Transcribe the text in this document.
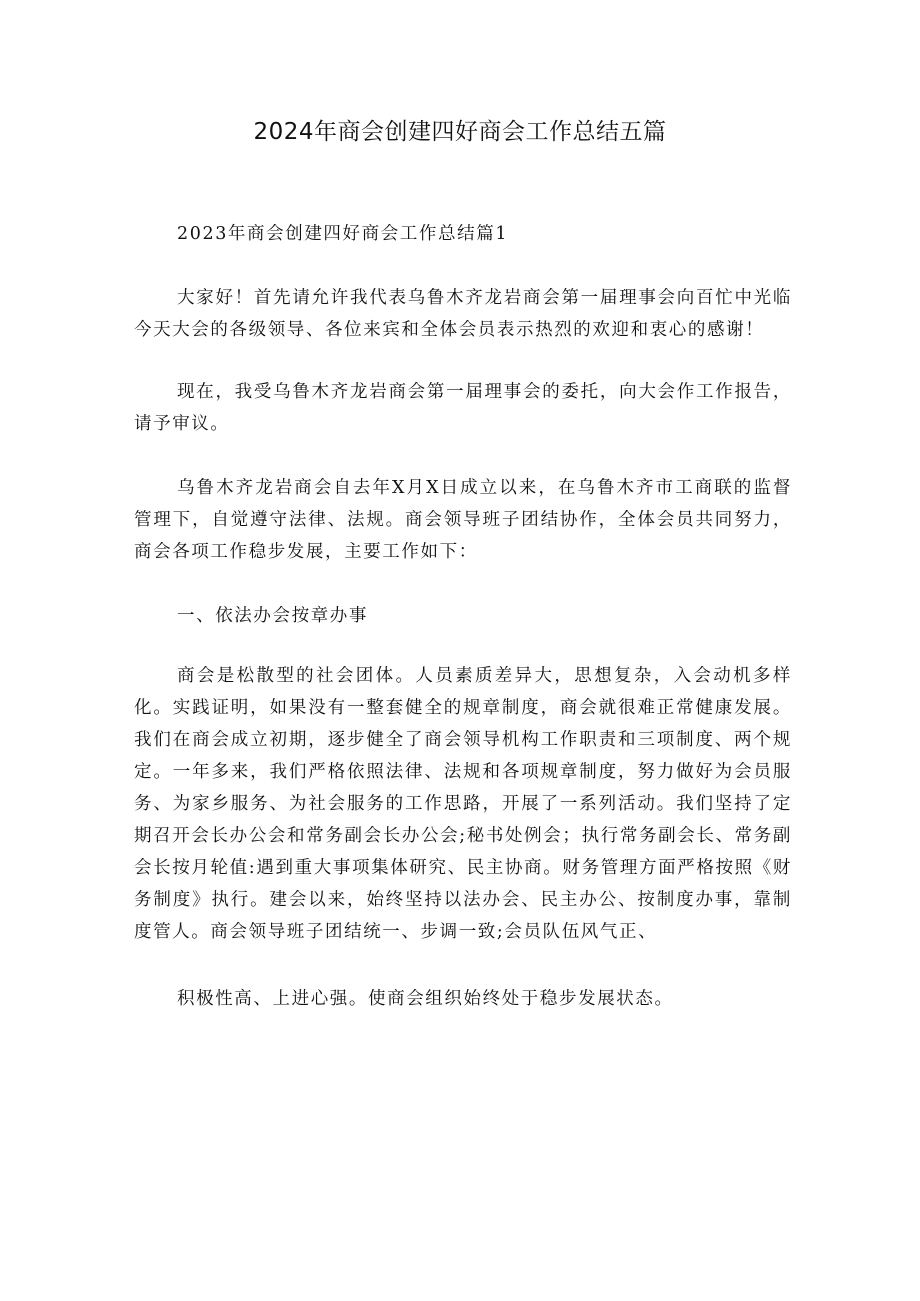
2024年商会创建四好商会工作总结五篇

2023年商会创建四好商会工作总结篇1

大家好！首先请允许我代表乌鲁木齐龙岩商会第一届理事会向百忙中光临今天大会的各级领导、各位来宾和全体会员表示热烈的欢迎和衷心的感谢！

现在，我受乌鲁木齐龙岩商会第一届理事会的委托，向大会作工作报告，请予审议。

乌鲁木齐龙岩商会自去年X月X日成立以来，在乌鲁木齐市工商联的监督管理下，自觉遵守法律、法规。商会领导班子团结协作，全体会员共同努力，商会各项工作稳步发展，主要工作如下：

一、依法办会按章办事

商会是松散型的社会团体。人员素质差异大，思想复杂，入会动机多样化。实践证明，如果没有一整套健全的规章制度，商会就很难正常健康发展。我们在商会成立初期，逐步健全了商会领导机构工作职责和三项制度、两个规定。一年多来，我们严格依照法律、法规和各项规章制度，努力做好为会员服务、为家乡服务、为社会服务的工作思路，开展了一系列活动。我们坚持了定期召开会长办公会和常务副会长办公会;秘书处例会；执行常务副会长、常务副会长按月轮值:遇到重大事项集体研究、民主协商。财务管理方面严格按照《财务制度》执行。建会以来，始终坚持以法办会、民主办公、按制度办事，靠制度管人。商会领导班子团结统一、步调一致;会员队伍风气正、

积极性高、上进心强。使商会组织始终处于稳步发展状态。
